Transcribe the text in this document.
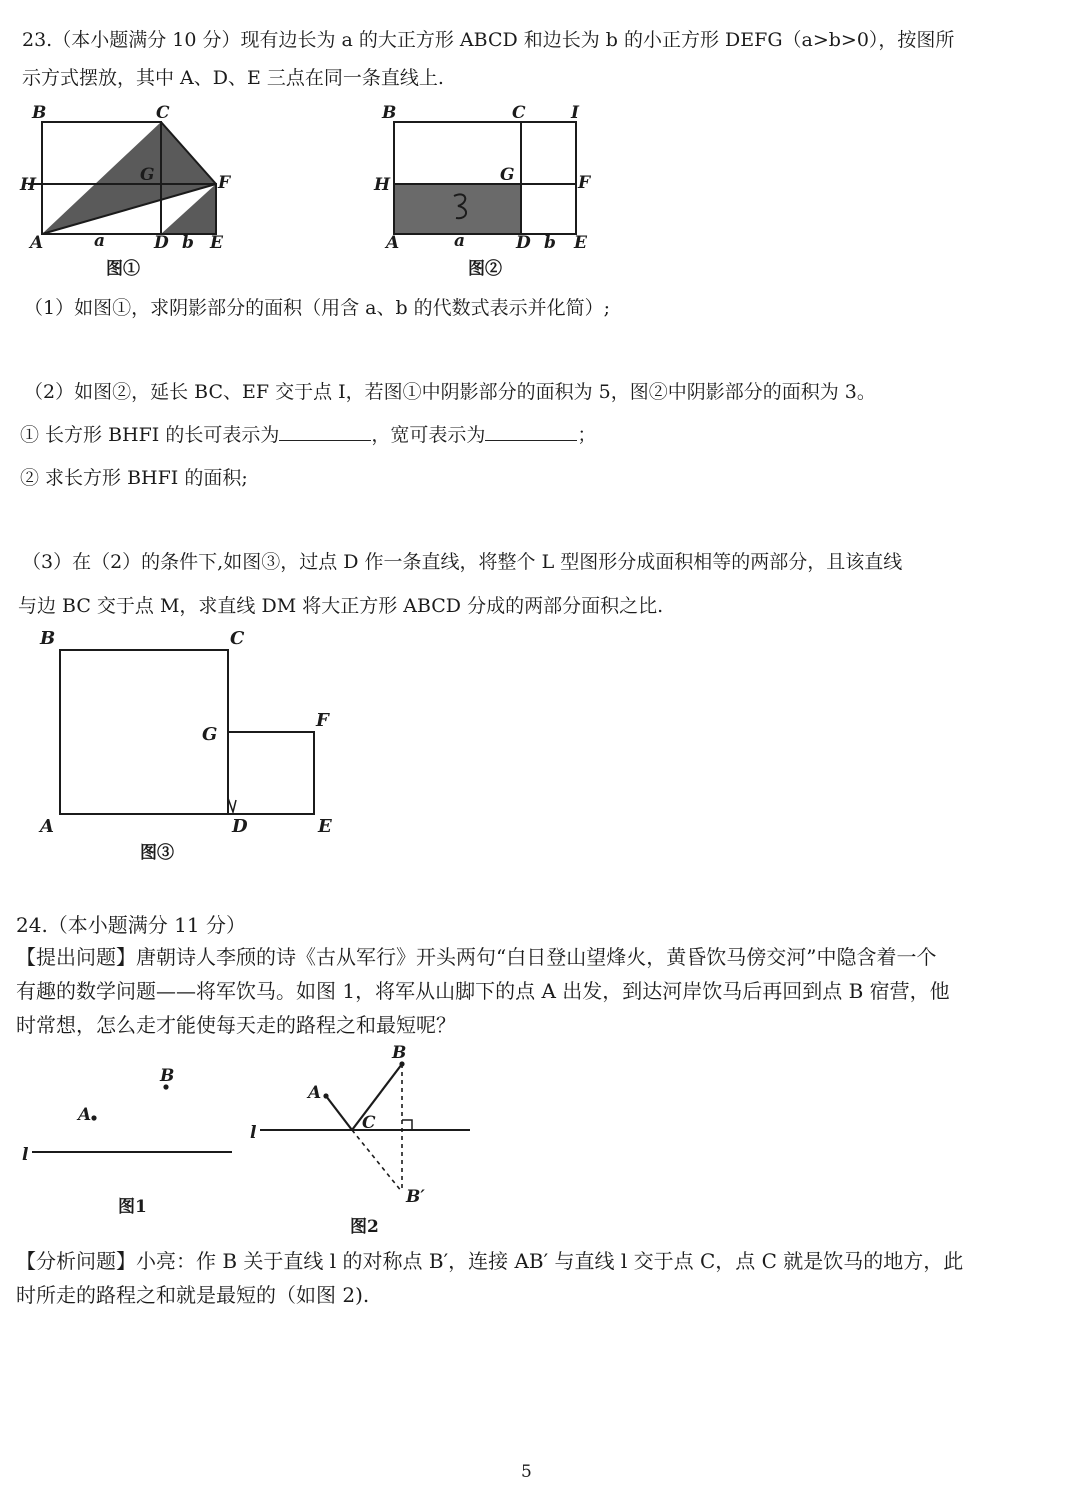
23.（本小题满分 10 分）现有边长为 a 的大正方形 ABCD 和边长为 b 的小正方形 DEFG（a>b>0），按图所
示方式摆放，其中 A、D、E 三点在同一条直线上.
B	C
H	G	F
A	a	D b E
图①
B	C	I
H	G	F
A	a	D b E
图②
（1）如图①，求阴影部分的面积（用含 a、b 的代数式表示并化简）;
（2）如图②，延长 BC、EF 交于点 I，若图①中阴影部分的面积为 5，图②中阴影部分的面积为 3。
① 长方形 BHFI 的长可表示为	，宽可表示为	；
② 求长方形 BHFI 的面积;
（3）在（2）的条件下,如图③，过点 D 作一条直线，将整个 L 型图形分成面积相等的两部分，且该直线
与边 BC 交于点 M，求直线 DM 将大正方形 ABCD 分成的两部分面积之比.
B	C
G
F
A	D	E
图③
24.（本小题满分 11 分）
【提出问题】唐朝诗人李颀的诗《古从军行》开头两句“白日登山望烽火，黄昏饮马傍交河”中隐含着一个
有趣的数学问题——将军饮马。如图 1，将军从山脚下的点 A 出发，到达河岸饮马后再回到点 B 宿营，他
时常想，怎么走才能使每天走的路程之和最短呢？
B
A
l
图1
B
A
C
l
B′
图2
【分析问题】小亮：作 B 关于直线 l 的对称点 B′，连接 AB′ 与直线 l 交于点 C，点 C 就是饮马的地方，此
时所走的路程之和就是最短的（如图 2).
5
